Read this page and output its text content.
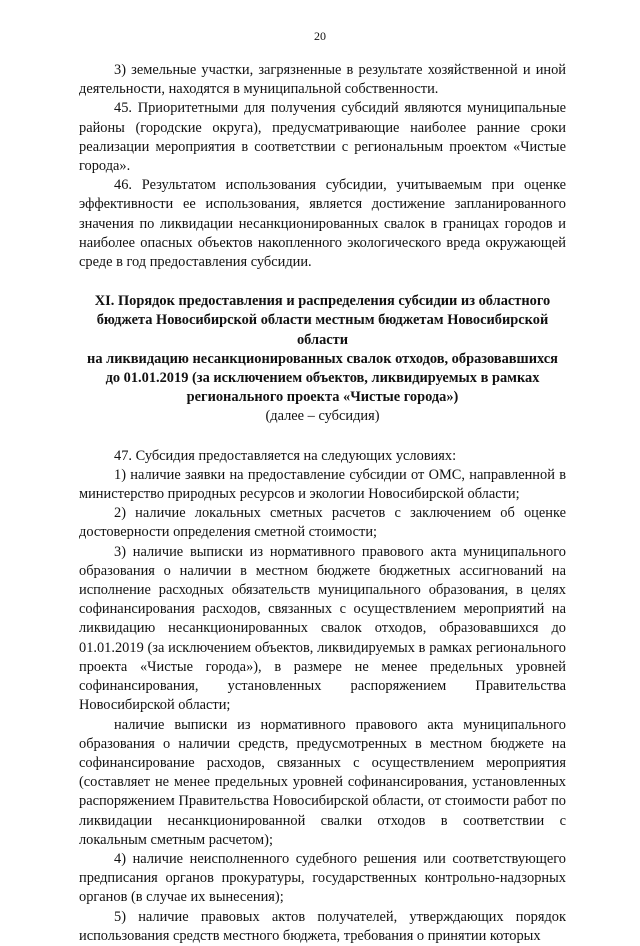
20

3) земельные участки, загрязненные в результате хозяйственной и иной деятельности, находятся в муниципальной собственности.

45. Приоритетными для получения субсидий являются муниципальные районы (городские округа), предусматривающие наиболее ранние сроки реализации мероприятия в соответствии с региональным проектом «Чистые города».

46. Результатом использования субсидии, учитываемым при оценке эффективности ее использования, является достижение запланированного значения по ликвидации несанкционированных свалок в границах городов и наиболее опасных объектов накопленного экологического вреда окружающей среде в год предоставления субсидии.

XI. Порядок предоставления и распределения субсидии из областного
бюджета Новосибирской области местным бюджетам Новосибирской области
на ликвидацию несанкционированных свалок отходов, образовавшихся
до 01.01.2019 (за исключением объектов, ликвидируемых в рамках
регионального проекта «Чистые города»)
(далее – субсидия)

47. Субсидия предоставляется на следующих условиях:

1) наличие заявки на предоставление субсидии от ОМС, направленной в министерство природных ресурсов и экологии Новосибирской области;

2) наличие локальных сметных расчетов с заключением об оценке достоверности определения сметной стоимости;

3) наличие выписки из нормативного правового акта муниципального образования о наличии в местном бюджете бюджетных ассигнований на исполнение расходных обязательств муниципального образования, в целях софинансирования расходов, связанных с осуществлением мероприятий на ликвидацию несанкционированных свалок отходов, образовавшихся до 01.01.2019 (за исключением объектов, ликвидируемых в рамках регионального проекта «Чистые города»), в размере не менее предельных уровней софинансирования, установленных распоряжением Правительства Новосибирской области;

наличие выписки из нормативного правового акта муниципального образования о наличии средств, предусмотренных в местном бюджете на софинансирование расходов, связанных с осуществлением мероприятия (составляет не менее предельных уровней софинансирования, установленных распоряжением Правительства Новосибирской области, от стоимости работ по ликвидации несанкционированной свалки отходов в соответствии с локальным сметным расчетом);

4) наличие неисполненного судебного решения или соответствующего предписания органов прокуратуры, государственных контрольно-надзорных органов (в случае их вынесения);

5) наличие правовых актов получателей, утверждающих порядок использования средств местного бюджета, требования о принятии которых
